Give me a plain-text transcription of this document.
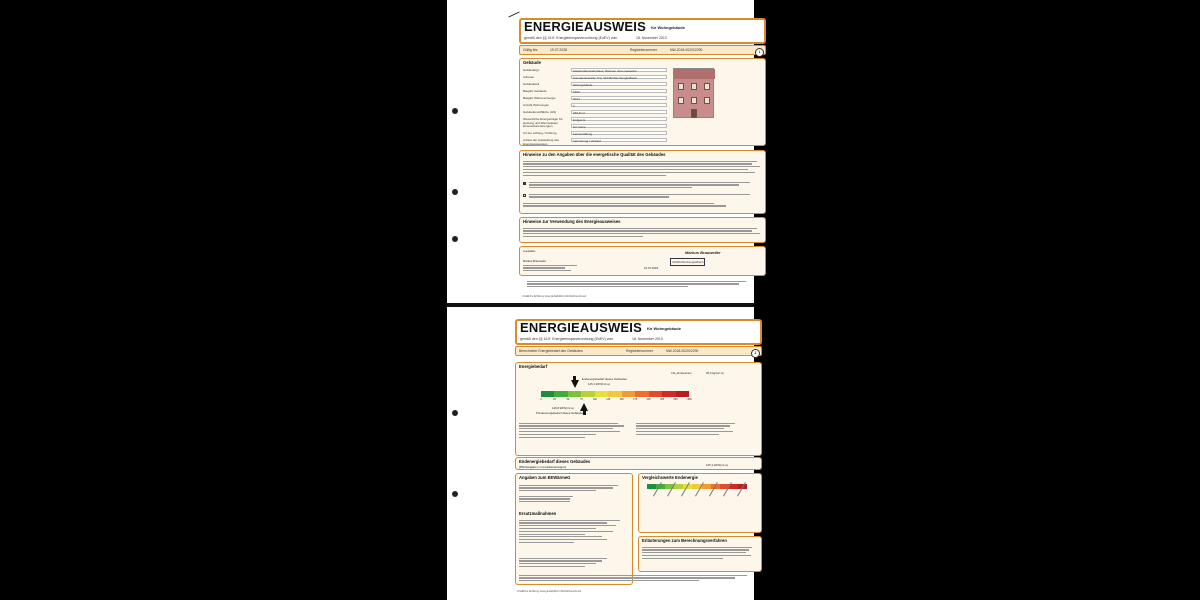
ENERGIEAUSWEIS für Wohngebäude
gemäß den §§ 16 ff. Energieeinsparverordnung (EnEV) vom	18. November 2013
Gültig bis:	19.07.2028	Registriernummer	NW-2018-002002290	1
Gebäude
Gebäudetyp	Zweifamilienwohnhaus, Wohnen ohne Gewerbe
Adresse	Konstantinstraße 772, 41238 Mönchengladbach
Gebäudeteil	Wohngebäude
Baujahr Gebäude	1900
Baujahr Wärmeerzeuger	2014
Anzahl Wohnungen	2
Gebäudenutzfläche (AN)	260,8 m²
Wesentliche Energieträger für Heizung und Warmwasser
Erdgas E
Erneuerbare Energien	Art: keine
Art der Lüftung / Kühlung	Fensterlüftung
Anlass der Ausstellung des Energieausweises
Vermietung / Verkauf
Hinweise zu den Angaben über die energetische Qualität des Gebäudes
Hinweise zur Verwendung des Energieausweises
Aussteller:
Markus Brauweiler
19.07.2018
Markus Brauweiler
41238 Mönchengladbach
Inhaltliche Erfüllung: Energiehaftpflicht Wohlfahrtsverbund
ENERGIEAUSWEIS für Wohngebäude
gemäß den §§ 16 ff. Energieeinsparverordnung (EnEV) vom	18. November 2013
Berechneter Energiebedarf des Gebäudes	Registriernummer	NW-2018-002002290	2
Energiebedarf
CO₂-Emissionen	35,0 kg/(m²·a)
Endenergiebedarf dieses Gebäudes
125,1 kWh/(m²·a)
0	25	50	75	100	125	150	175	200	225	250	>250
146,8 kWh/(m²·a)
Primärenergiebedarf dieses Gebäudes
Endenergiebedarf dieses Gebäudes
[Pflichtangabe in Immobilienanzeigen]	125,1 kWh/(m²·a)
Angaben zum EEWärmeG
Ersatzmaßnahmen
Vergleichswerte Endenergie
Erläuterungen zum Berechnungsverfahren
Inhaltliche Erfüllung: Energiehaftpflicht Wohlfahrtsverbund
